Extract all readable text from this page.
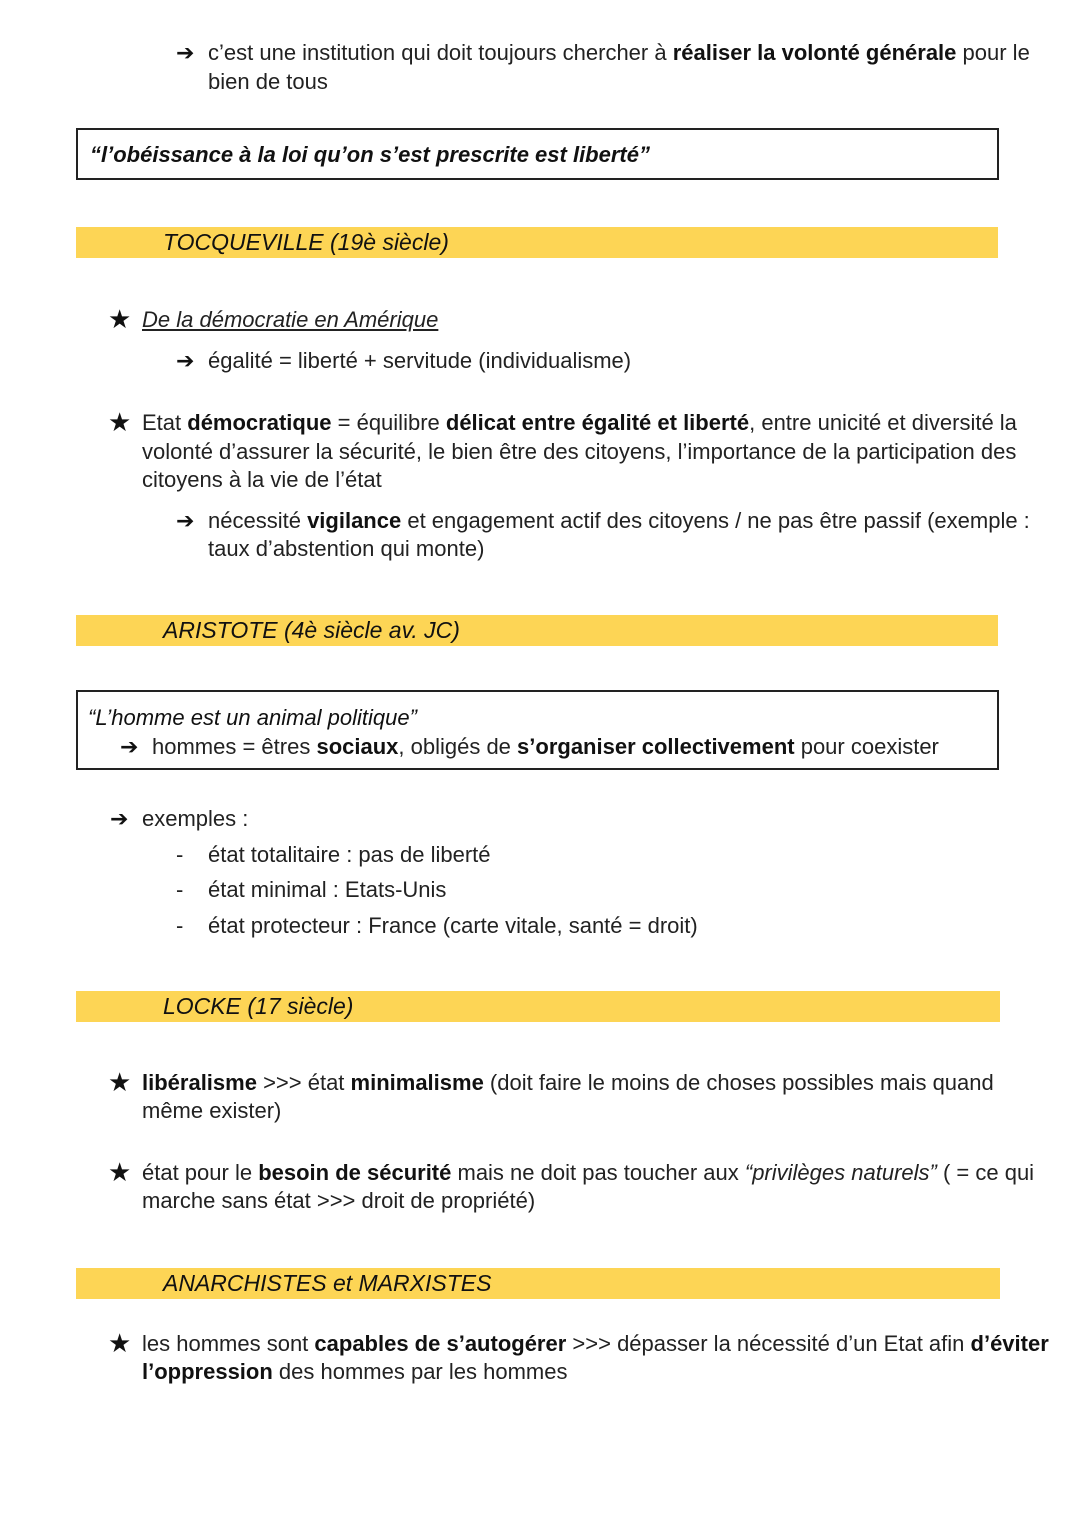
➔ c’est une institution qui doit toujours chercher à réaliser la volonté générale pour le
bien de tous
“l’obéissance à la loi qu’on s’est prescrite est liberté”
TOCQUEVILLE (19è siècle)
★ De la démocratie en Amérique
➔ égalité = liberté + servitude (individualisme)
★ Etat démocratique = équilibre délicat entre égalité et liberté, entre unicité et diversité la
volonté d’assurer la sécurité, le bien être des citoyens, l’importance de la participation des
citoyens à la vie de l’état
➔ nécessité vigilance et engagement actif des citoyens / ne pas être passif (exemple :
taux d’abstention qui monte)
ARISTOTE (4è siècle av. JC)
“L’homme est un animal politique”
➔ hommes = êtres sociaux, obligés de s’organiser collectivement pour coexister
➔ exemples :
- état totalitaire : pas de liberté
- état minimal : Etats-Unis
- état protecteur : France (carte vitale, santé = droit)
LOCKE (17 siècle)
★ libéralisme >>> état minimalisme (doit faire le moins de choses possibles mais quand
même exister)
★ état pour le besoin de sécurité mais ne doit pas toucher aux “privilèges naturels” ( = ce qui
marche sans état >>> droit de propriété)
ANARCHISTES et MARXISTES
★ les hommes sont capables de s’autogérer >>> dépasser la nécessité d’un Etat afin d’éviter
l’oppression des hommes par les hommes
